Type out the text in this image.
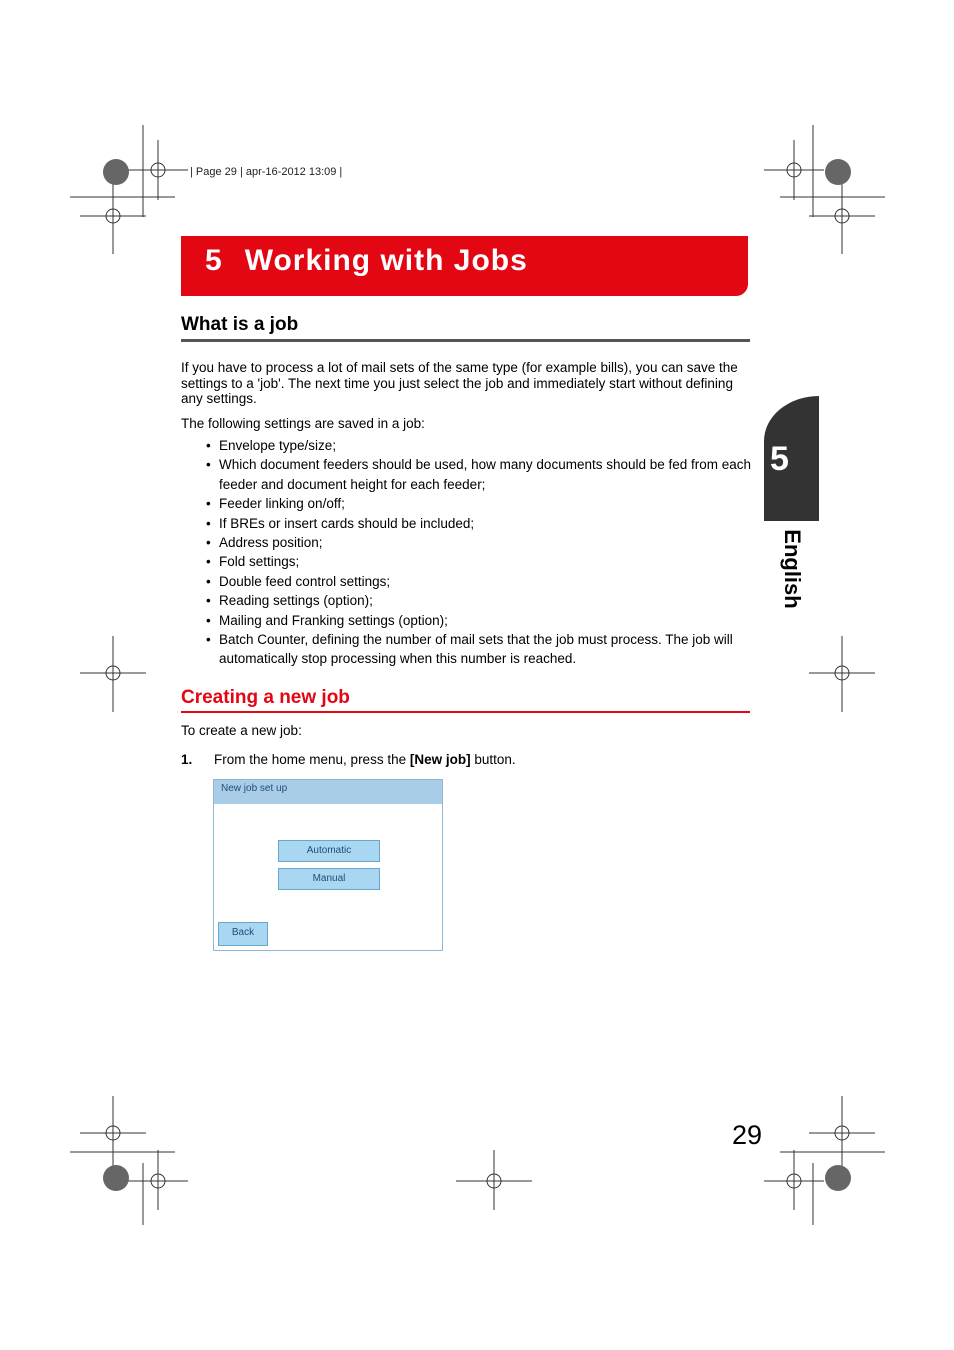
| Page 29 | apr-16-2012 13:09 |
5 Working with Jobs
What is a job
If you have to process a lot of mail sets of the same type (for example bills), you can save the settings to a 'job'. The next time you just select the job and immediately start without defining any settings.
The following settings are saved in a job:
• Envelope type/size;
• Which document feeders should be used, how many documents should be fed from each feeder and document height for each feeder;
• Feeder linking on/off;
• If BREs or insert cards should be included;
• Address position;
• Fold settings;
• Double feed control settings;
• Reading settings (option);
• Mailing and Franking settings (option);
• Batch Counter, defining the number of mail sets that the job must process. The job will automatically stop processing when this number is reached.
Creating a new job
To create a new job:
1. From the home menu, press the [New job] button.
New job set up
Automatic
Manual
Back
5
English
29
